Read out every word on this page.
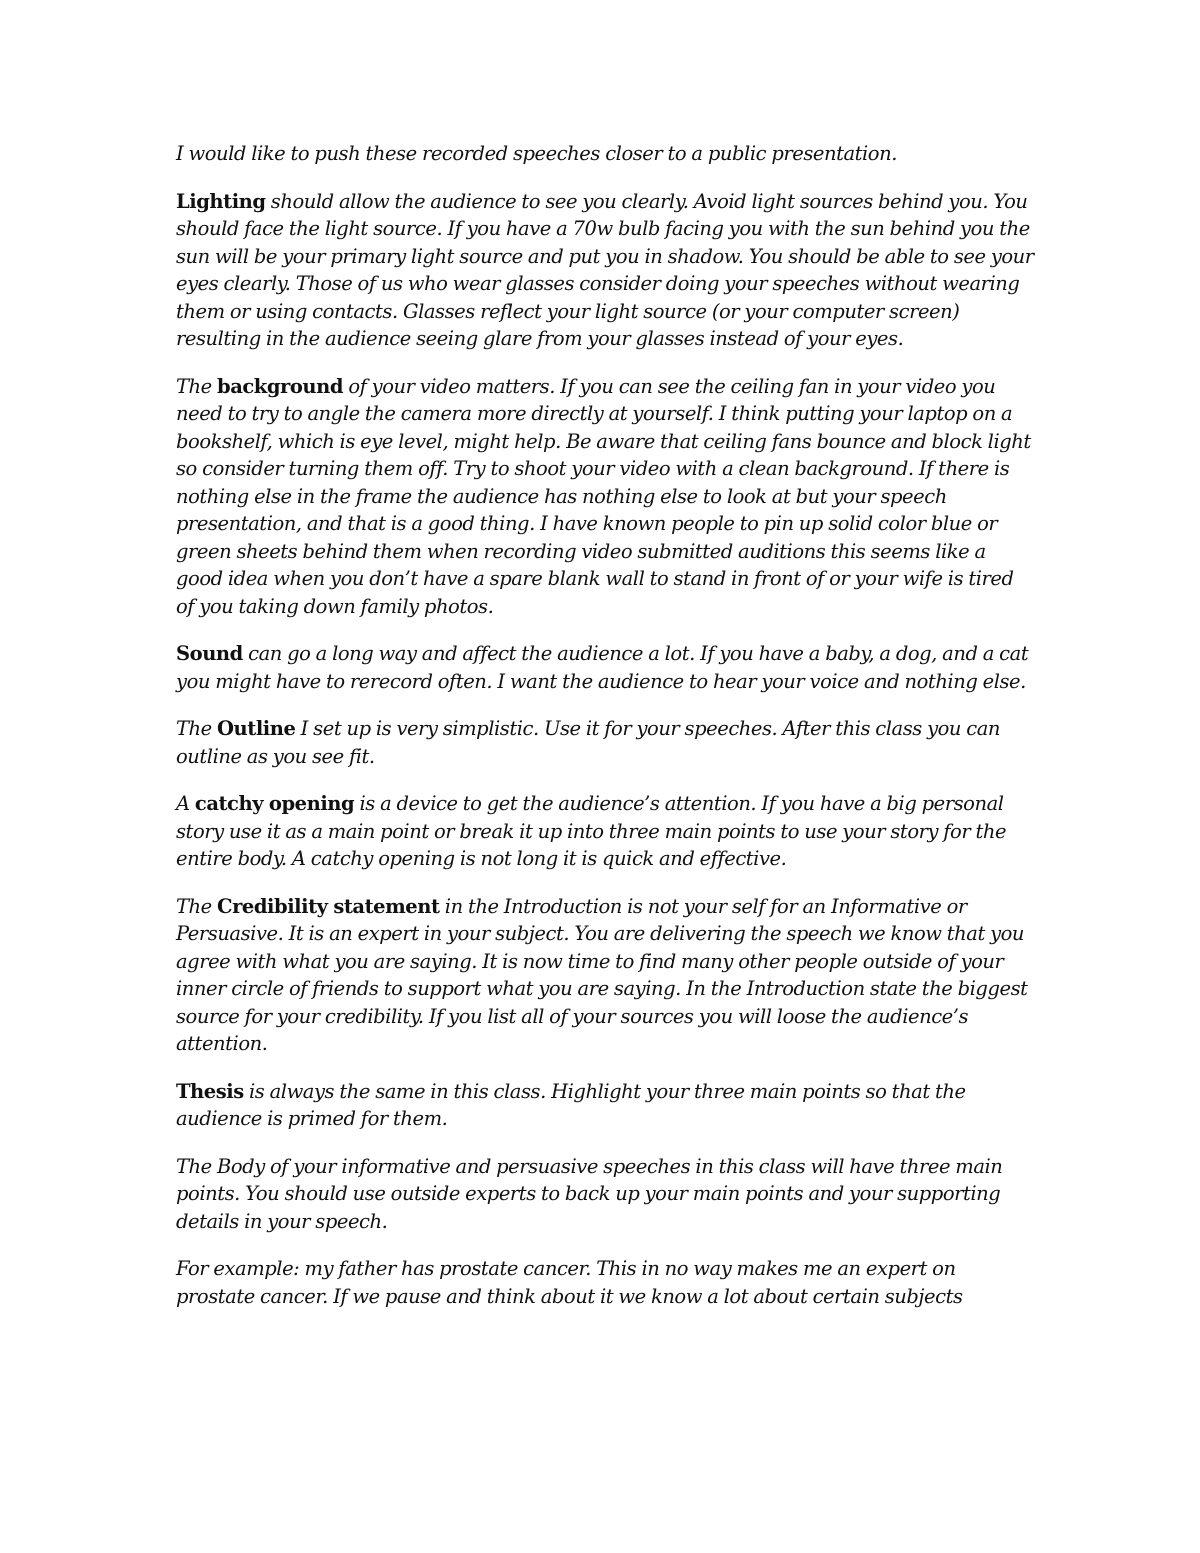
I would like to push these recorded speeches closer to a public presentation.

Lighting should allow the audience to see you clearly. Avoid light sources behind you. You should face the light source. If you have a 70w bulb facing you with the sun behind you the sun will be your primary light source and put you in shadow. You should be able to see your eyes clearly. Those of us who wear glasses consider doing your speeches without wearing them or using contacts. Glasses reflect your light source (or your computer screen) resulting in the audience seeing glare from your glasses instead of your eyes.

The background of your video matters. If you can see the ceiling fan in your video you need to try to angle the camera more directly at yourself. I think putting your laptop on a bookshelf, which is eye level, might help. Be aware that ceiling fans bounce and block light so consider turning them off. Try to shoot your video with a clean background. If there is nothing else in the frame the audience has nothing else to look at but your speech presentation, and that is a good thing. I have known people to pin up solid color blue or green sheets behind them when recording video submitted auditions this seems like a good idea when you don’t have a spare blank wall to stand in front of or your wife is tired of you taking down family photos.

Sound can go a long way and affect the audience a lot. If you have a baby, a dog, and a cat you might have to rerecord often. I want the audience to hear your voice and nothing else.

The Outline I set up is very simplistic. Use it for your speeches. After this class you can outline as you see fit.

A catchy opening is a device to get the audience’s attention. If you have a big personal story use it as a main point or break it up into three main points to use your story for the entire body. A catchy opening is not long it is quick and effective.

The Credibility statement in the Introduction is not your self for an Informative or Persuasive. It is an expert in your subject. You are delivering the speech we know that you agree with what you are saying. It is now time to find many other people outside of your inner circle of friends to support what you are saying. In the Introduction state the biggest source for your credibility. If you list all of your sources you will loose the audience’s attention.

Thesis is always the same in this class. Highlight your three main points so that the audience is primed for them.

The Body of your informative and persuasive speeches in this class will have three main points. You should use outside experts to back up your main points and your supporting details in your speech.

For example: my father has prostate cancer. This in no way makes me an expert on prostate cancer. If we pause and think about it we know a lot about certain subjects
